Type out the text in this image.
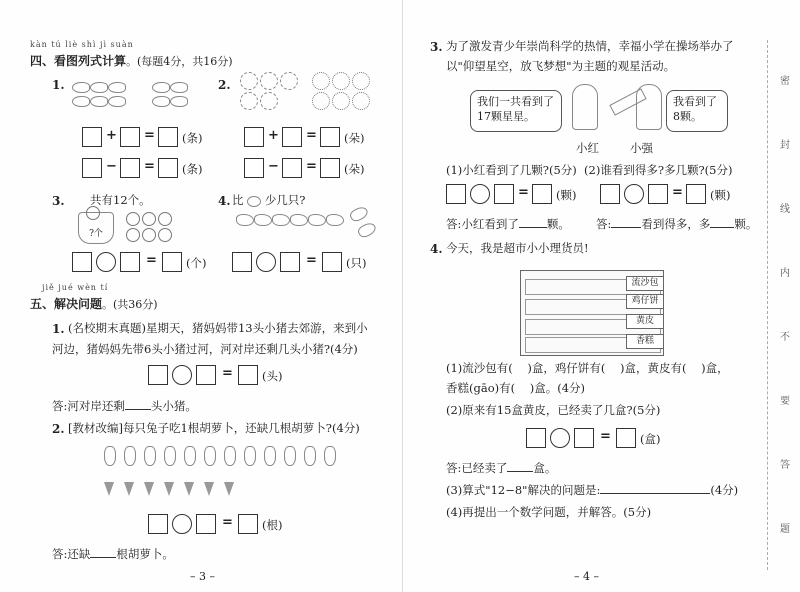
kàn tú liè shì jì suàn
四、看图列式计算。(每题4分，共16分)
1.
+ = (条)
− = (条)
2.
+ = (朵)
− = (朵)
3. 共有12个。
?个
=	(个)
4. 比 少几只?
=	(只)
jiě jué wèn tí
五、解决问题。(共36分)
1. (名校期末真题)星期天，猪妈妈带13头小猪去郊游，来到小
河边，猪妈妈先带6头小猪过河，河对岸还剩几头小猪?(4分)
=	(头)
答:河对岸还剩 头小猪。
2. [教材改编]每只兔子吃1根胡萝卜，还缺几根胡萝卜?(4分)
=	(根)
答:还缺 根胡萝卜。
– 3 –
3. 为了激发青少年崇尚科学的热情，幸福小学在操场举办了
以"仰望星空，放飞梦想"为主题的观星活动。
我们一共看到了17颗星星。
我看到了8颗。
小红	小强
(1)小红看到了几颗?(5分)  (2)谁看到得多?多几颗?(5分)
= (颗)	= (颗)
答:小红看到了 颗。 答:	看到得多，多 颗。
4. 今天，我是超市小小理货员!
流沙包
鸡仔饼
黄皮
香糕
(1)流沙包有(    )盒，鸡仔饼有(    )盒，黄皮有(    )盒，
香糕(gāo)有(    )盒。(4分)
(2)原来有15盒黄皮，已经卖了几盒?(5分)
=	(盒)
答:已经卖了 盒。
(3)算式"12−8"解决的问题是:	(4分)
(4)再提出一个数学问题，并解答。(5分)
– 4 –
密
封
线
内
不
要
答
题
